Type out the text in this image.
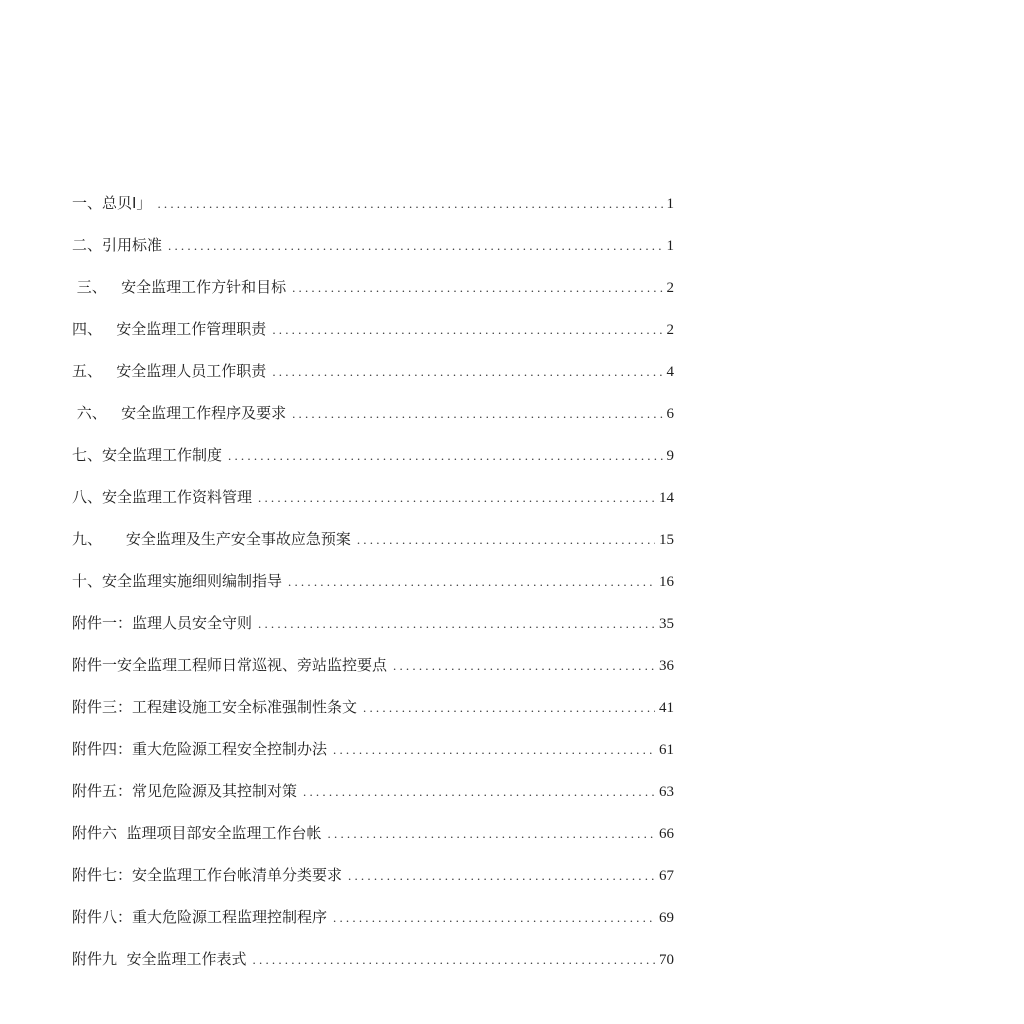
一、总贝I」 .....	1
二、引用标准 .....	1
三、   安全监理工作方针和目标 .....	2
四、   安全监理工作管理职责 .....	2
五、   安全监理人员工作职责 .....	4
六、   安全监理工作程序及要求 .....	6
七、安全监理工作制度 .....	9
八、安全监理工作资料管理 .....	14
九、     安全监理及生产安全事故应急预案 .....	15
十、安全监理实施细则编制指导 .....	16
附件一：监理人员安全守则 .....	35
附件一安全监理工程师日常巡视、旁站监控要点 .....	36
附件三：工程建设施工安全标准强制性条文 .....	41
附件四：重大危险源工程安全控制办法 .....	61
附件五：常见危险源及其控制对策 .....	63
附件六  监理项目部安全监理工作台帐 .....	66
附件七：安全监理工作台帐清单分类要求 .....	67
附件八：重大危险源工程监理控制程序 .....	69
附件九  安全监理工作表式 .....	70
